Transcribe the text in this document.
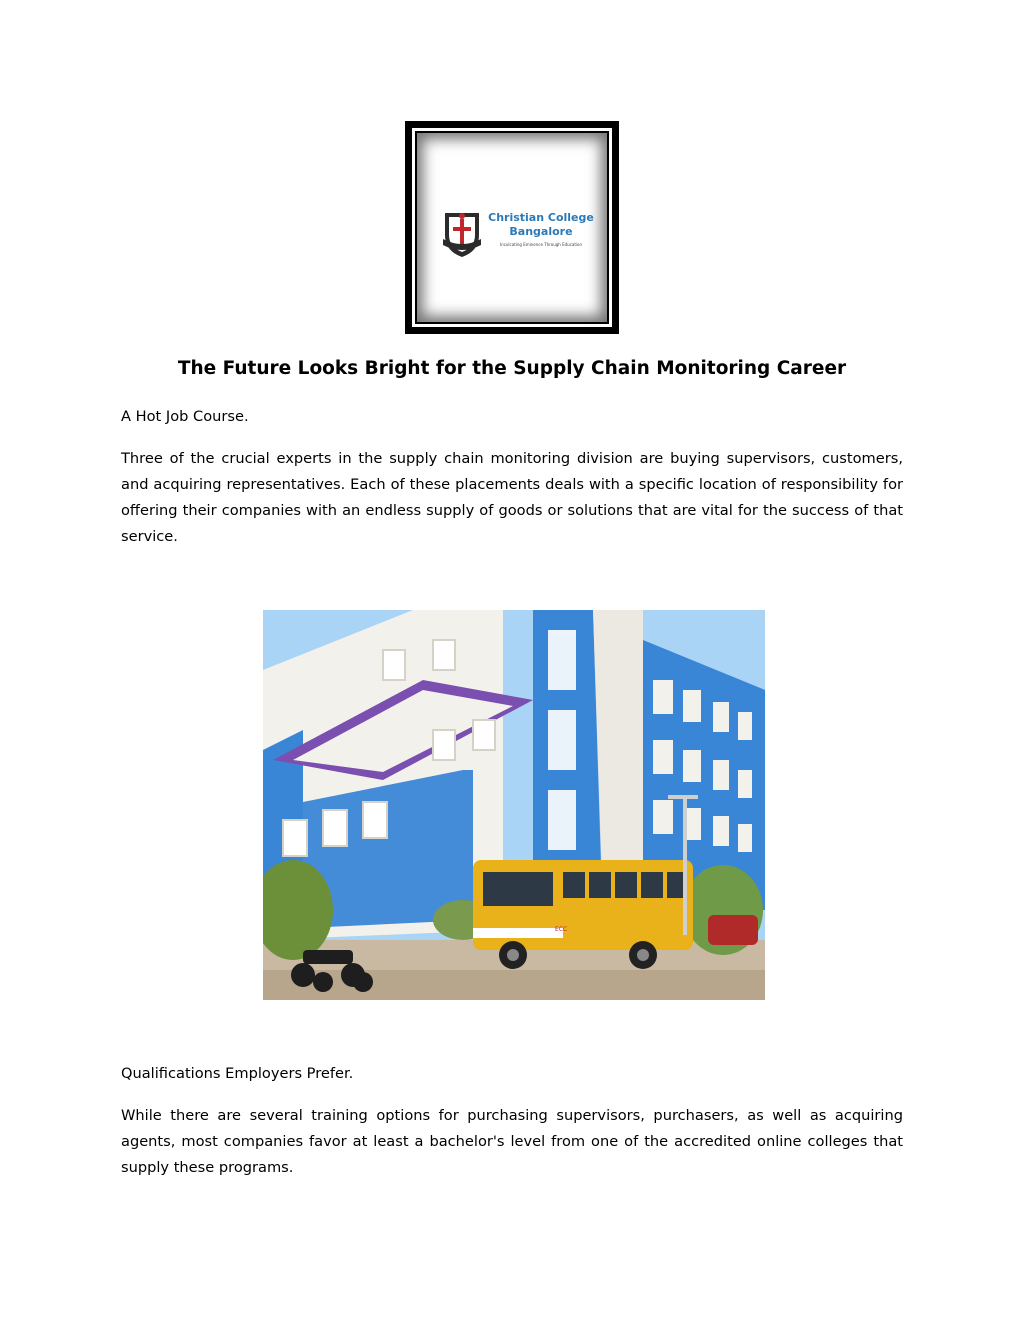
Christian College
Bangalore
Inculcating Eminence Through Education
The Future Looks Bright for the Supply Chain Monitoring Career

A Hot Job Course.

Three of the crucial experts in the supply chain monitoring division are buying supervisors, customers, and acquiring representatives. Each of these placements deals with a specific location of responsibility for offering their companies with an endless supply of goods or solutions that are vital for the success of that service.

ECC

Qualifications Employers Prefer.

While there are several training options for purchasing supervisors, purchasers, as well as acquiring agents, most companies favor at least a bachelor's level from one of the accredited online colleges that supply these programs.
